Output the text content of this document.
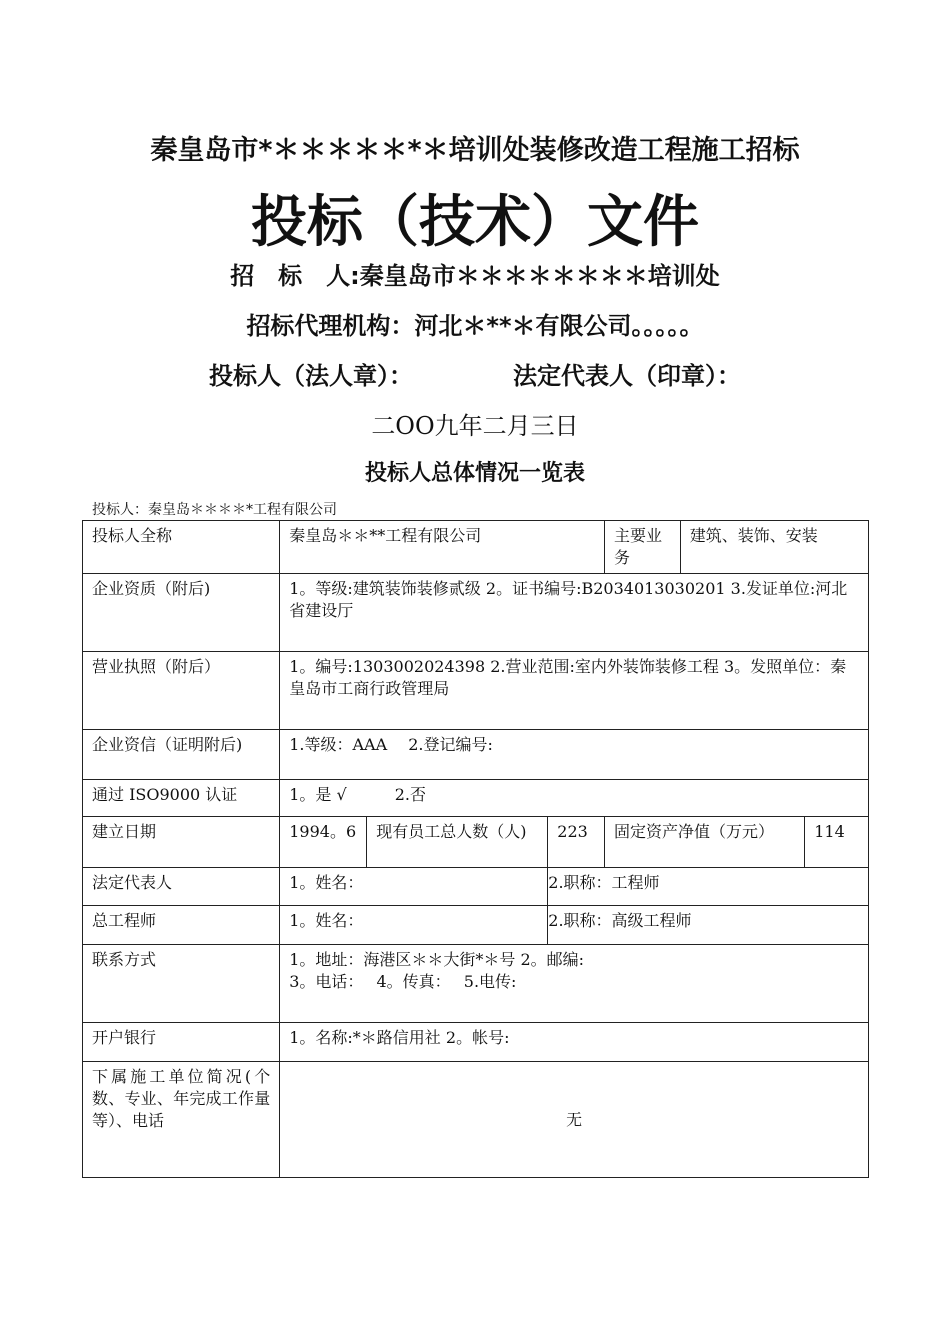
秦皇岛市*＊＊＊＊＊*＊培训处装修改造工程施工招标
投标（技术）文件
招　标　人:秦皇岛市＊＊＊＊＊＊＊＊培训处
招标代理机构：河北＊**＊有限公司。。。。。
投标人（法人章）：	法定代表人（印章）：
二OO九年二月三日
投标人总体情况一览表
投标人：秦皇岛＊＊＊＊*工程有限公司
投标人全称	秦皇岛＊＊**工程有限公司			主要业务	建筑、装饰、安装	
企业资质（附后)	1。等级:建筑装饰装修贰级 2。证书编号:B2034013030201 3.发证单位:河北省建设厅					
营业执照（附后）	1。编号:1303002024398 2.营业范围:室内外装饰装修工程 3。发照单位：秦皇岛市工商行政管理局					
企业资信（证明附后)	1.等级：AAA　 2.登记编号:					
通过 ISO9000 认证	1。是 √　　　2.否					
建立日期	1994。6	现有员工总人数（人)	223	固定资产净值（万元）		114
法定代表人	1。姓名：		2.职称：工程师			
总工程师	1。姓名：		2.职称：高级工程师			
联系方式	1。地址：海港区＊＊大街*＊号 2。邮编:
3。电话：　 4。传真：　 5.电传:					

开户银行	1。名称:*＊路信用社 2。帐号:					
下属施工单位简况(个数、专业、年完成工作量等）、电话	无					
